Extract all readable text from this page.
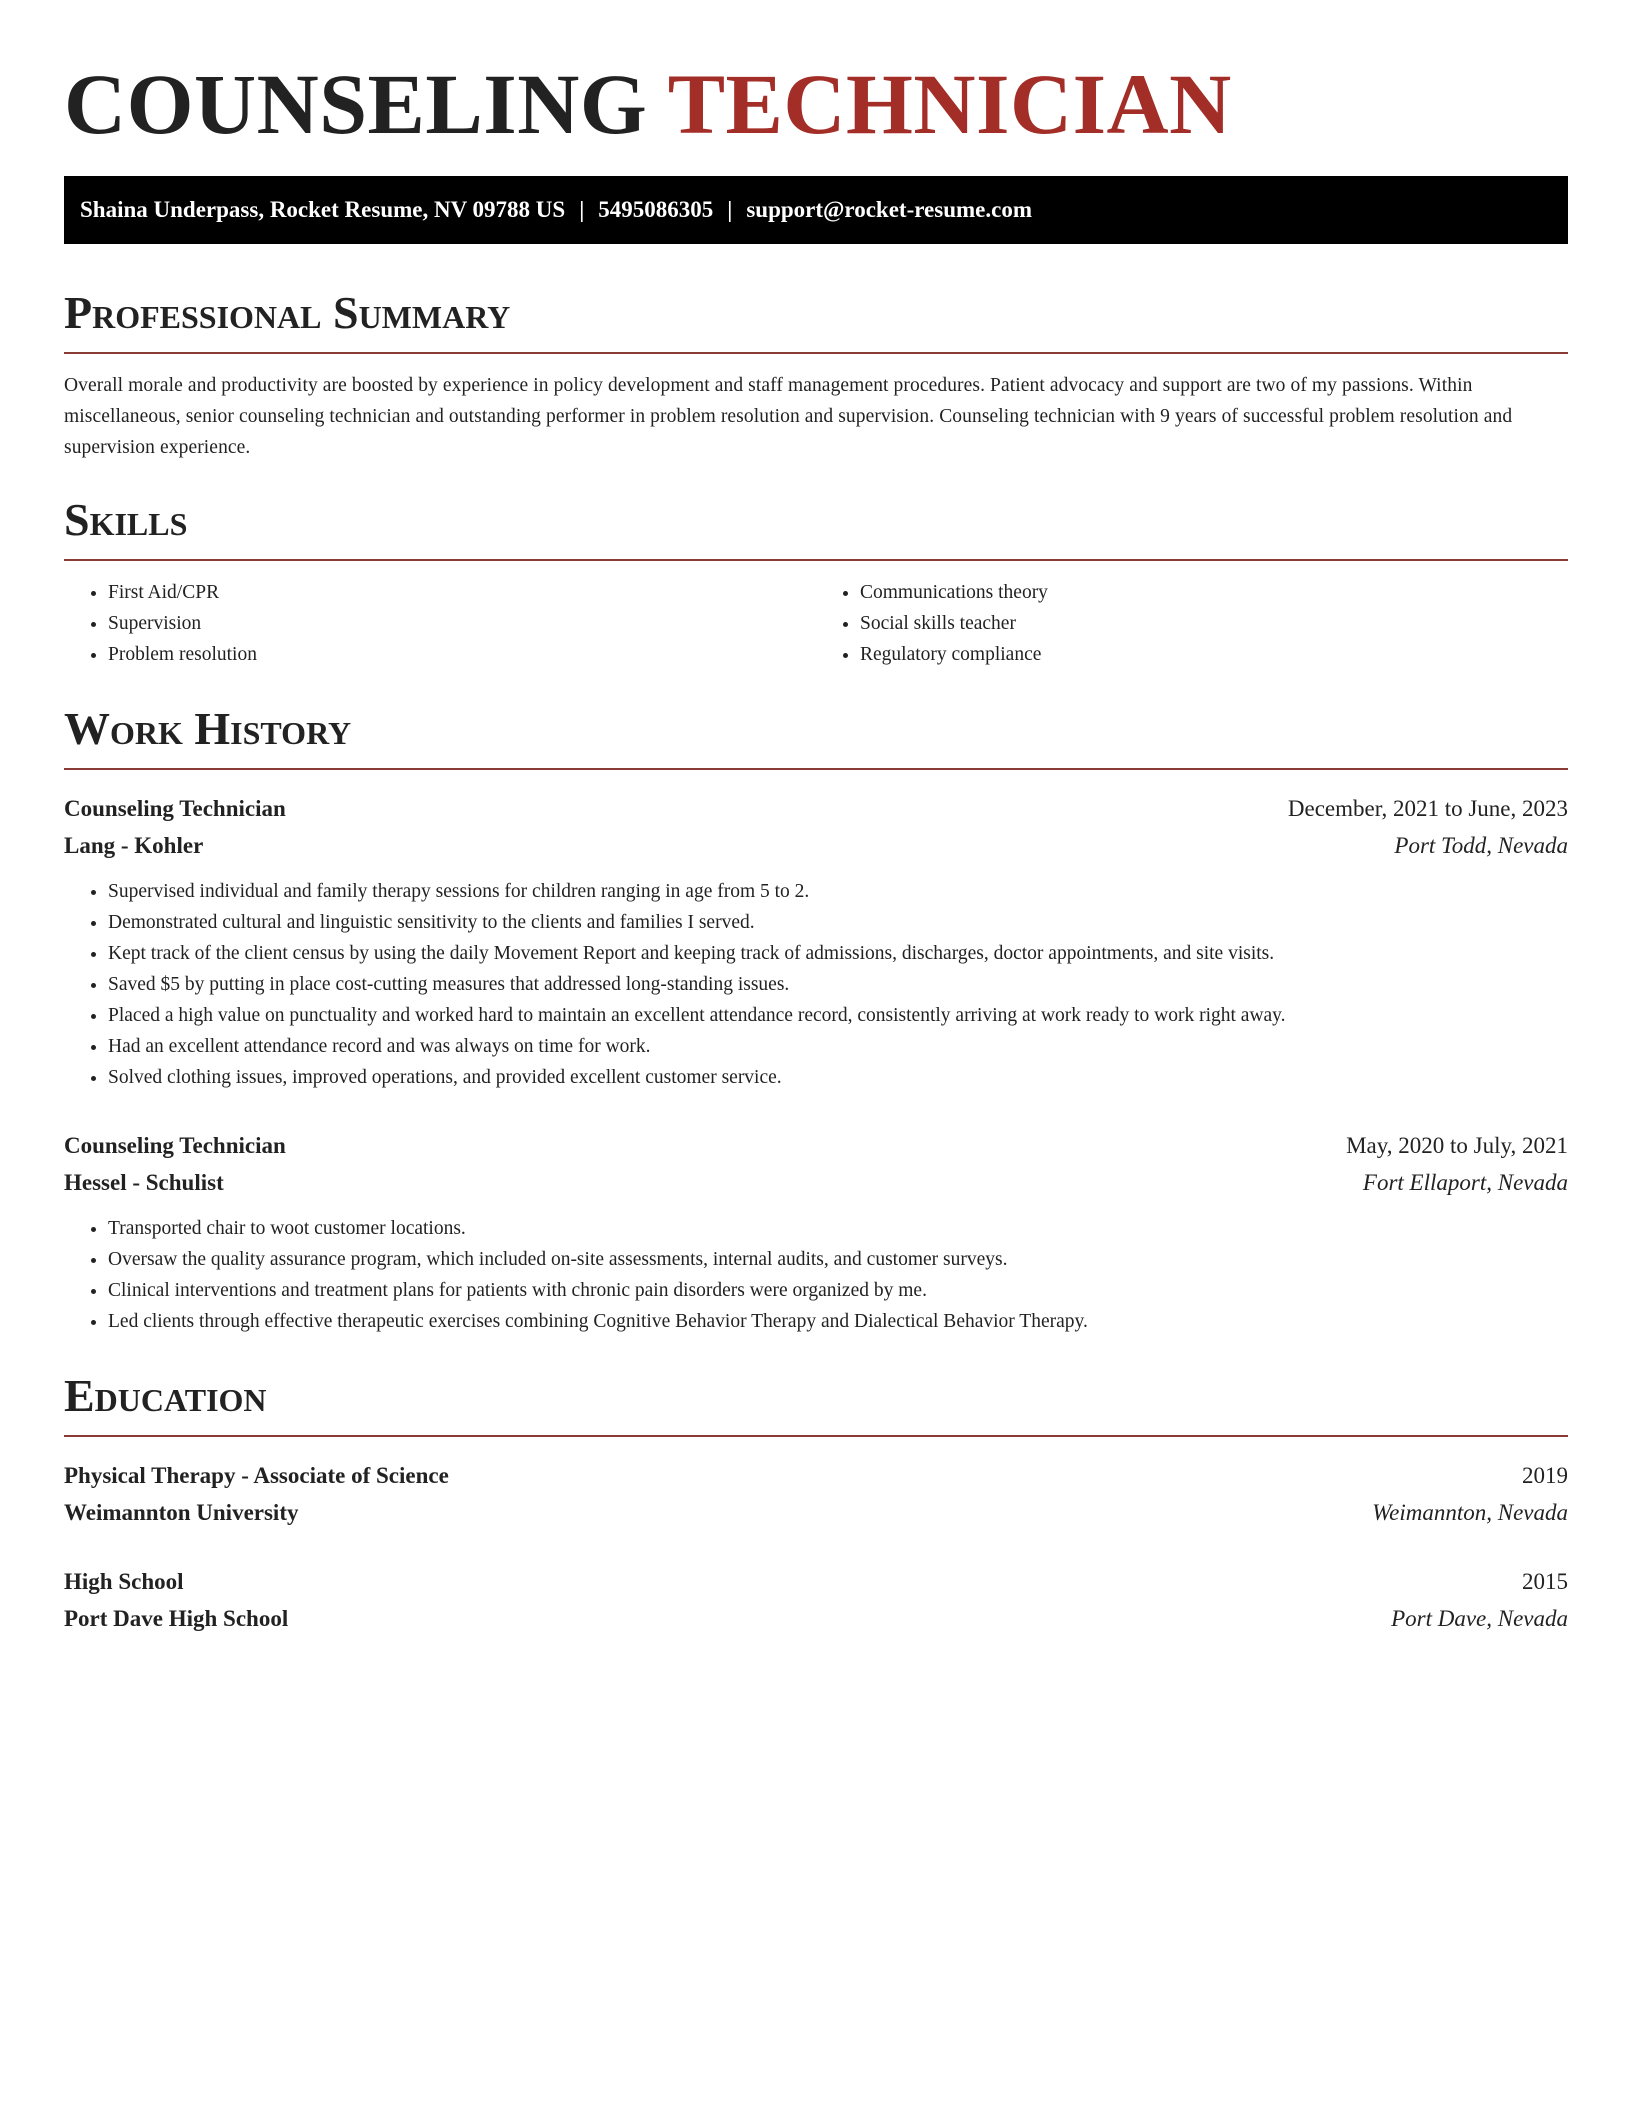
COUNSELING TECHNICIAN
Shaina Underpass, Rocket Resume, NV 09788 US | 5495086305 | support@rocket-resume.com
Professional Summary

Overall morale and productivity are boosted by experience in policy development and staff management procedures. Patient advocacy and support are two of my passions. Within miscellaneous, senior counseling technician and outstanding performer in problem resolution and supervision. Counseling technician with 9 years of successful problem resolution and supervision experience.

Skills
• First Aid/CPR
• Supervision
• Problem resolution
• Communications theory
• Social skills teacher
• Regulatory compliance
Work History
Counseling Technician	December, 2021 to June, 2023
Lang - Kohler	Port Todd, Nevada
• Supervised individual and family therapy sessions for children ranging in age from 5 to 2.
• Demonstrated cultural and linguistic sensitivity to the clients and families I served.
• Kept track of the client census by using the daily Movement Report and keeping track of admissions, discharges, doctor appointments, and site visits.
• Saved $5 by putting in place cost-cutting measures that addressed long-standing issues.
• Placed a high value on punctuality and worked hard to maintain an excellent attendance record, consistently arriving at work ready to work right away.
• Had an excellent attendance record and was always on time for work.
• Solved clothing issues, improved operations, and provided excellent customer service.
Counseling Technician	May, 2020 to July, 2021
Hessel - Schulist	Fort Ellaport, Nevada
• Transported chair to woot customer locations.
• Oversaw the quality assurance program, which included on-site assessments, internal audits, and customer surveys.
• Clinical interventions and treatment plans for patients with chronic pain disorders were organized by me.
• Led clients through effective therapeutic exercises combining Cognitive Behavior Therapy and Dialectical Behavior Therapy.
Education
Physical Therapy - Associate of Science	2019
Weimannton University	Weimannton, Nevada
High School	2015
Port Dave High School	Port Dave, Nevada
